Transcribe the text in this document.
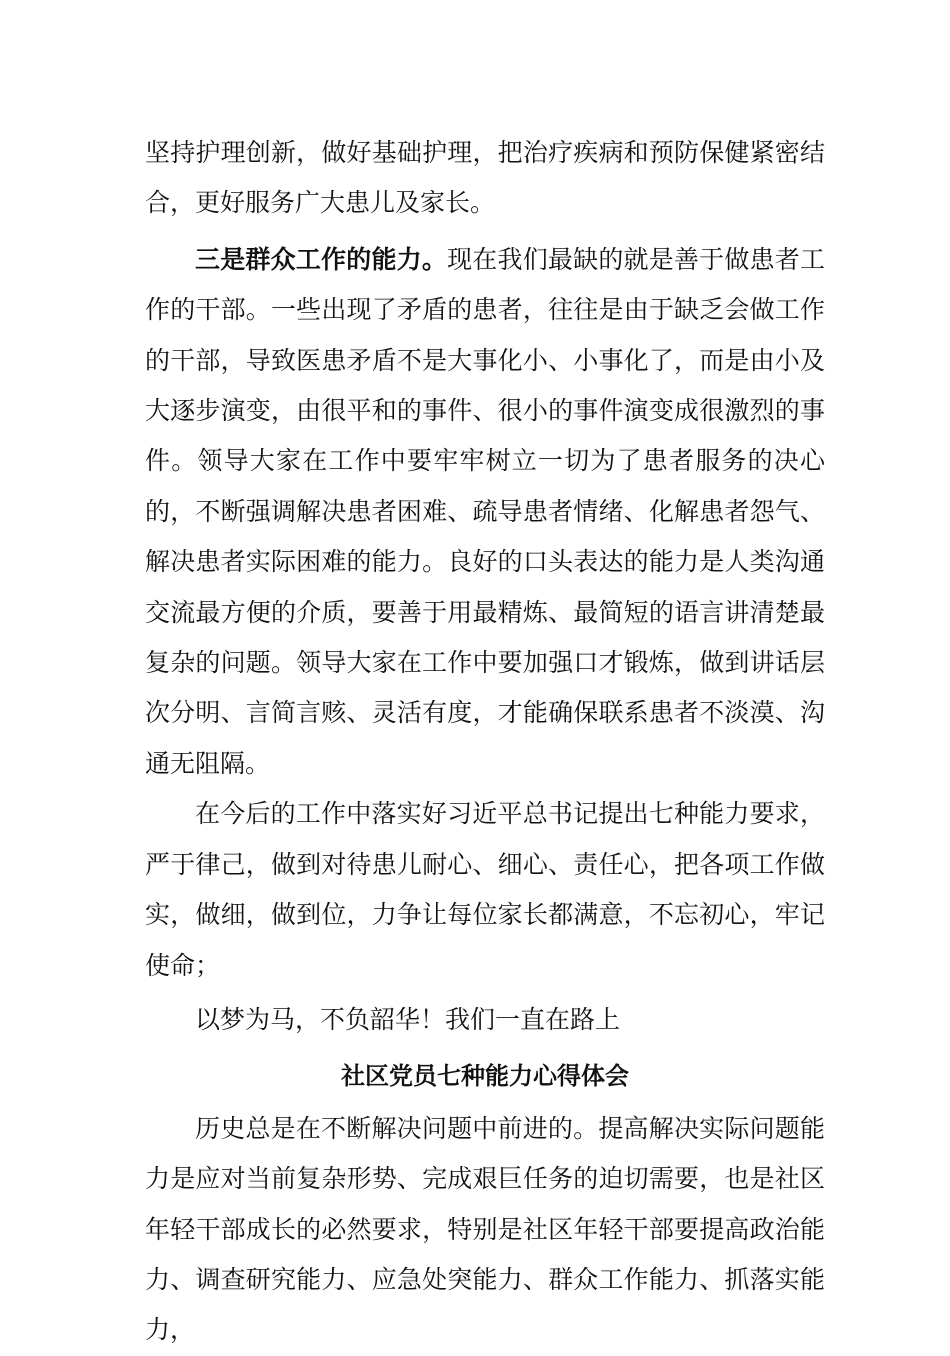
坚持护理创新，做好基础护理，把治疗疾病和预防保健紧密结合，更好服务广大患儿及家长。

三是群众工作的能力。现在我们最缺的就是善于做患者工作的干部。一些出现了矛盾的患者，往往是由于缺乏会做工作的干部，导致医患矛盾不是大事化小、小事化了，而是由小及大逐步演变，由很平和的事件、很小的事件演变成很激烈的事件。领导大家在工作中要牢牢树立一切为了患者服务的决心的，不断强调解决患者困难、疏导患者情绪、化解患者怨气、解决患者实际困难的能力。良好的口头表达的能力是人类沟通交流最方便的介质，要善于用最精炼、最简短的语言讲清楚最复杂的问题。领导大家在工作中要加强口才锻炼，做到讲话层次分明、言简言赅、灵活有度，才能确保联系患者不淡漠、沟通无阻隔。

在今后的工作中落实好习近平总书记提出七种能力要求，严于律己，做到对待患儿耐心、细心、责任心，把各项工作做实，做细，做到位，力争让每位家长都满意，不忘初心，牢记使命；

以梦为马，不负韶华！我们一直在路上

社区党员七种能力心得体会

历史总是在不断解决问题中前进的。提高解决实际问题能力是应对当前复杂形势、完成艰巨任务的迫切需要，也是社区年轻干部成长的必然要求，特别是社区年轻干部要提高政治能力、调查研究能力、应急处突能力、群众工作能力、抓落实能力，
